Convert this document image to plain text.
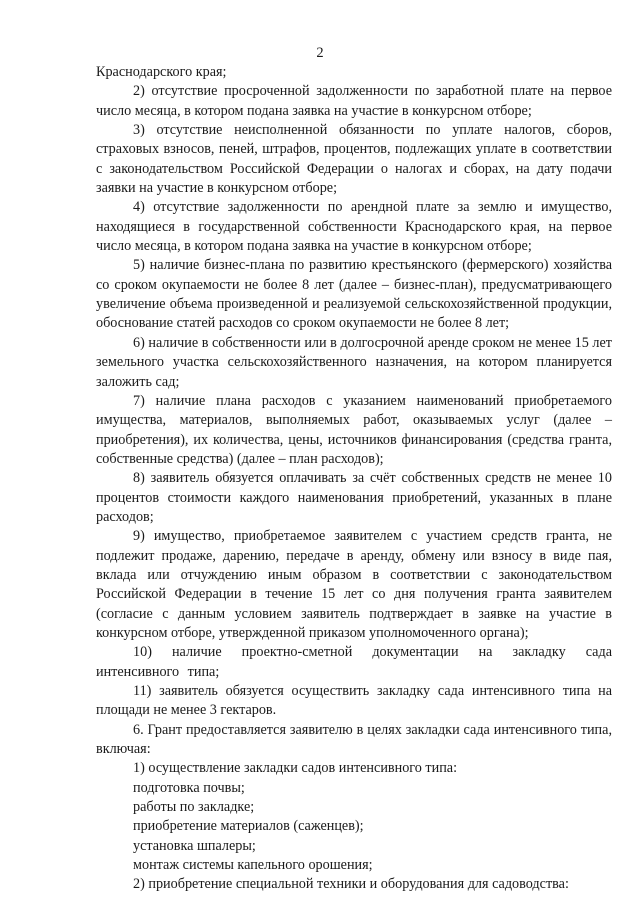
2

Краснодарского края;

2) отсутствие просроченной задолженности по заработной плате на первое число месяца, в котором подана заявка на участие в конкурсном отборе;

3) отсутствие неисполненной обязанности по уплате налогов, сборов, страховых взносов, пеней, штрафов, процентов, подлежащих уплате в соответствии с законодательством Российской Федерации о налогах и сборах, на дату подачи заявки на участие в конкурсном отборе;

4) отсутствие задолженности по арендной плате за землю и имущество, находящиеся в государственной собственности Краснодарского края, на первое число месяца, в котором подана заявка на участие в конкурсном отборе;

5) наличие бизнес-плана по развитию крестьянского (фермерского) хозяйства со сроком окупаемости не более 8 лет (далее – бизнес-план), предусматривающего увеличение объема произведенной и реализуемой сельскохозяйственной продукции, обоснование статей расходов со сроком окупаемости не более 8 лет;

6) наличие в собственности или в долгосрочной аренде сроком не менее 15 лет земельного участка сельскохозяйственного назначения, на котором планируется заложить сад;

7) наличие плана расходов с указанием наименований приобретаемого имущества, материалов, выполняемых работ, оказываемых услуг (далее – приобретения), их количества, цены, источников финансирования (средства гранта, собственные средства) (далее – план расходов);

8) заявитель обязуется оплачивать за счёт собственных средств не менее 10 процентов стоимости каждого наименования приобретений, указанных в плане расходов;

9) имущество, приобретаемое заявителем с участием средств гранта, не подлежит продаже, дарению, передаче в аренду, обмену или взносу в виде пая, вклада или отчуждению иным образом в соответствии с законодательством Российской Федерации в течение 15 лет со дня получения гранта заявителем (согласие с данным условием заявитель подтверждает в заявке на участие в конкурсном отборе, утвержденной приказом уполномоченного органа);

10) наличие проектно-сметной документации на закладку сада интенсивного типа;

11) заявитель обязуется осуществить закладку сада интенсивного типа на площади не менее 3 гектаров.

6. Грант предоставляется заявителю в целях закладки сада интенсивного типа, включая:

1) осуществление закладки садов интенсивного типа:

подготовка почвы;

работы по закладке;

приобретение материалов (саженцев);

установка шпалеры;

монтаж системы капельного орошения;

2) приобретение специальной техники и оборудования для садоводства:
